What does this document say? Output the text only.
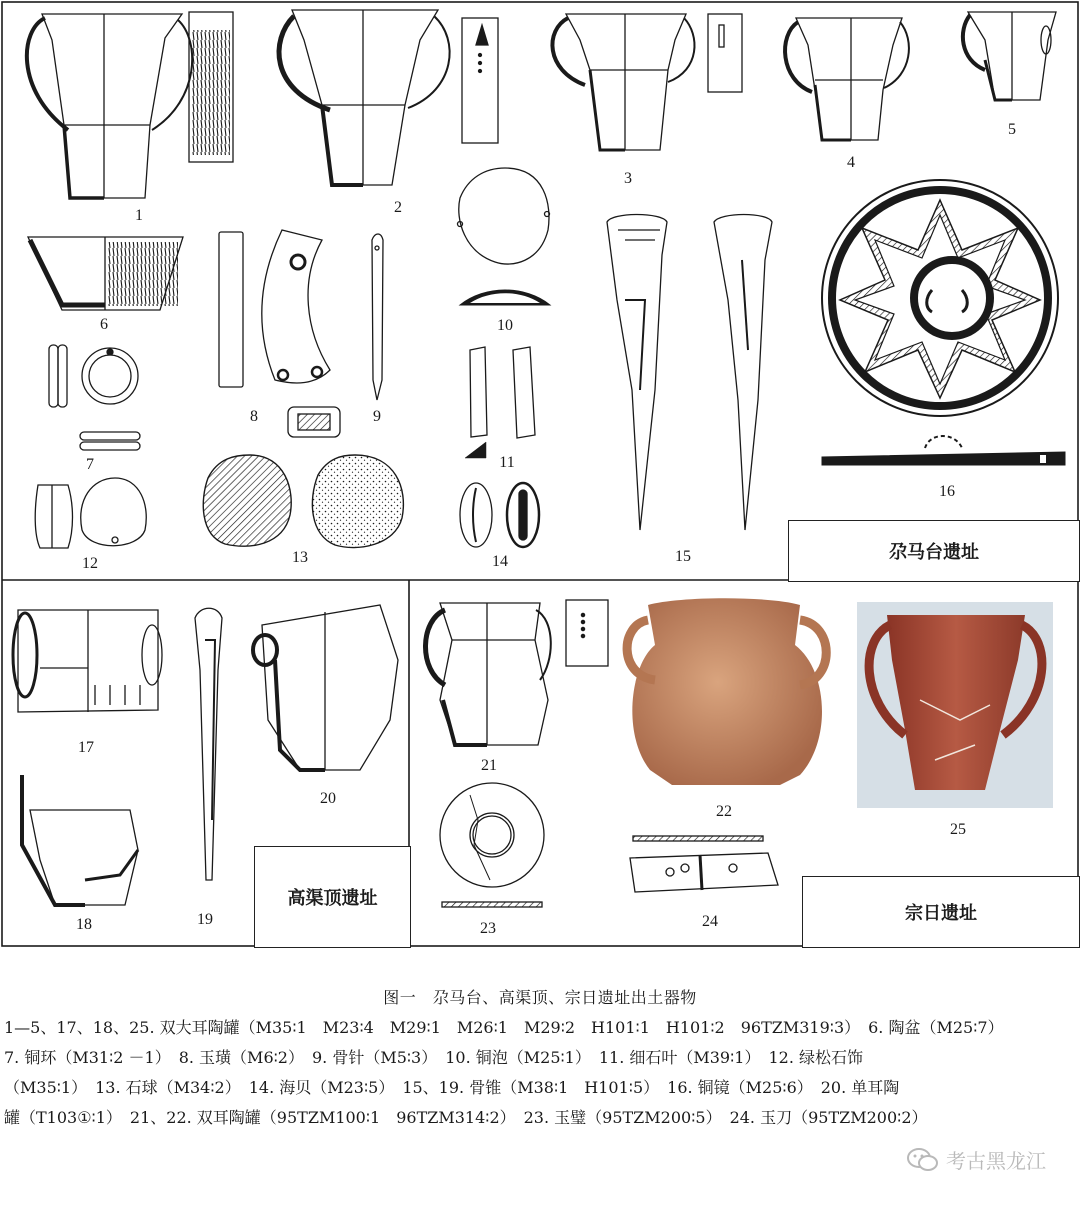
尕马台遗址
高渠顶遗址
宗日遗址
1	2
3
4
5
6
7
8	9
10
11
12	13	14	15
16
17
18	19
20
21
22
23	24
25
图一　尕马台、高渠顶、宗日遗址出土器物
1—5、17、18、25. 双大耳陶罐（M35∶1　M23∶4　M29∶1　M26∶1　M29∶2　H101∶1　H101∶2　96TZM319∶3）　6. 陶盆（M25∶7）
7. 铜环（M31∶2 －1）　8. 玉璜（M6∶2）　9. 骨针（M5∶3）　10. 铜泡（M25∶1）　11. 细石叶（M39∶1）　12. 绿松石饰
（M35∶1）　13. 石球（M34∶2）　14. 海贝（M23∶5）　15、19. 骨锥（M38∶1　H101∶5）　16. 铜镜（M25∶6）　20. 单耳陶
罐（T103①∶1）　21、22. 双耳陶罐（95TZM100∶1　96TZM314∶2）　23. 玉璧（95TZM200∶5）　24. 玉刀（95TZM200∶2）
考古黑龙江
